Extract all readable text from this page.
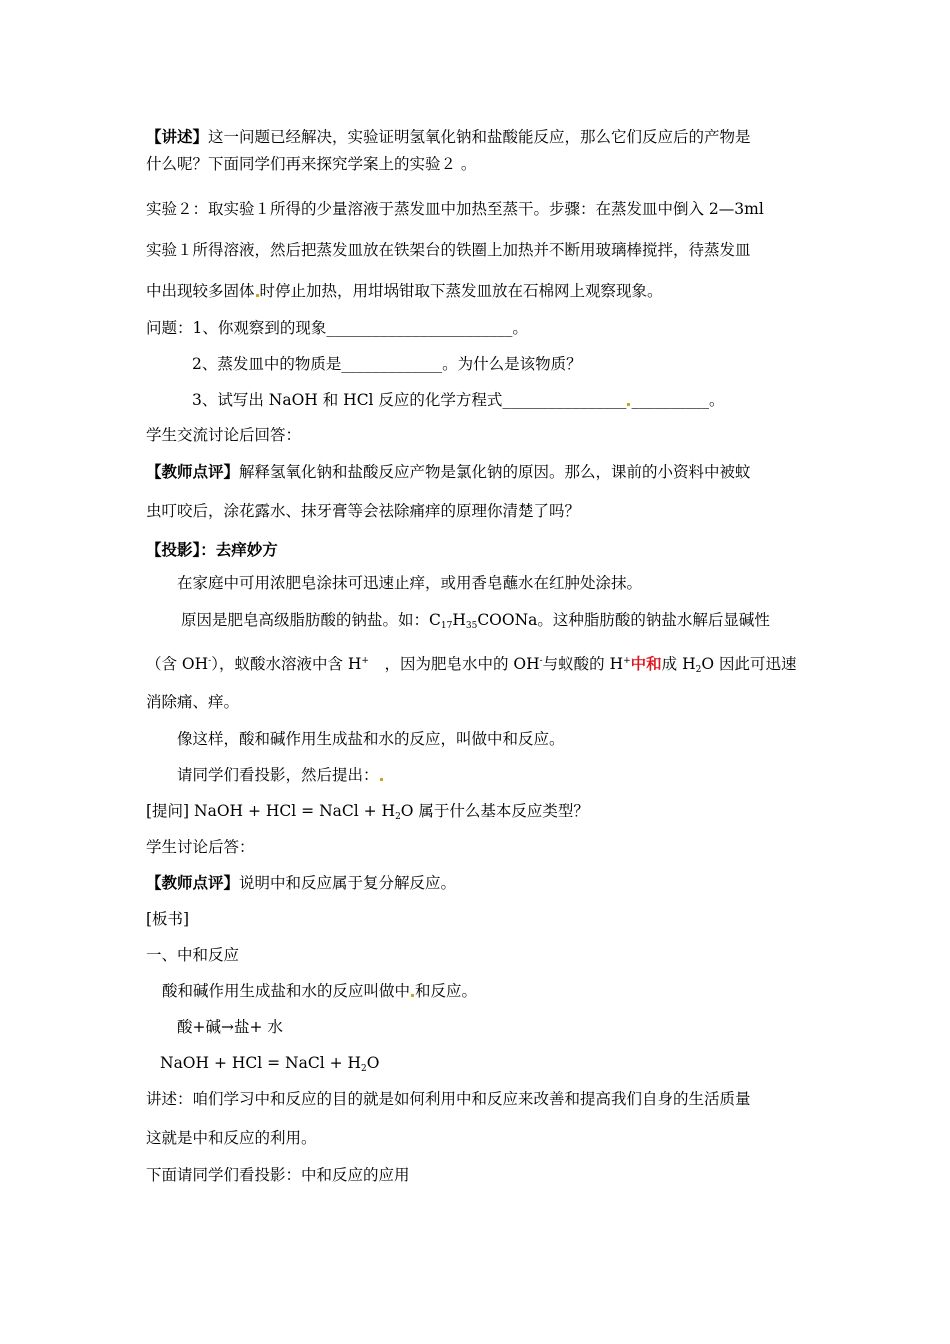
【讲述】这一问题已经解决，实验证明氢氧化钠和盐酸能反应，那么它们反应后的产物是
什么呢？下面同学们再来探究学案上的实验２ 。
实验２：取实验１所得的少量溶液于蒸发皿中加热至蒸干。步骤：在蒸发皿中倒入 2—3ml
实验１所得溶液，然后把蒸发皿放在铁架台的铁圈上加热并不断用玻璃棒搅拌，待蒸发皿
中出现较多固体 时停止加热，用坩埚钳取下蒸发皿放在石棉网上观察现象。
问题：1、你观察到的现象________________________。
2、蒸发皿中的物质是_____________。为什么是该物质？
3、试写出 NaOH 和 HCl 反应的化学方程式________________ __________。
学生交流讨论后回答：
【教师点评】解释氢氧化钠和盐酸反应产物是氯化钠的原因。那么，课前的小资料中被蚊
虫叮咬后，涂花露水、抹牙膏等会祛除痛痒的原理你清楚了吗？
【投影】：去痒妙方
在家庭中可用浓肥皂涂抹可迅速止痒，或用香皂蘸水在红肿处涂抹。
原因是肥皂高级脂肪酸的钠盐。如：$C_{17}H_{35}COONa$。这种脂肪酸的钠盐水解后显碱性
（含 OH-），蚁酸水溶液中含 H+　，因为肥皂水中的 OH-与蚁酸的 H+中和成 $H_2O$ 因此可迅速
消除痛、痒。
像这样，酸和碱作用生成盐和水的反应，叫做中和反应。
请同学们看投影，然后提出：
[提问] NaOH + HCl = NaCl + $H_2O$ 属于什么基本反应类型？
学生讨论后答：
【教师点评】说明中和反应属于复分解反应。
[板书]
一、中和反应
酸和碱作用生成盐和水的反应叫做中 和反应。
酸+碱→盐+ 水
NaOH + HCl = NaCl + $H_2O$
讲述：咱们学习中和反应的目的就是如何利用中和反应来改善和提高我们自身的生活质量
这就是中和反应的利用。
下面请同学们看投影：中和反应的应用
